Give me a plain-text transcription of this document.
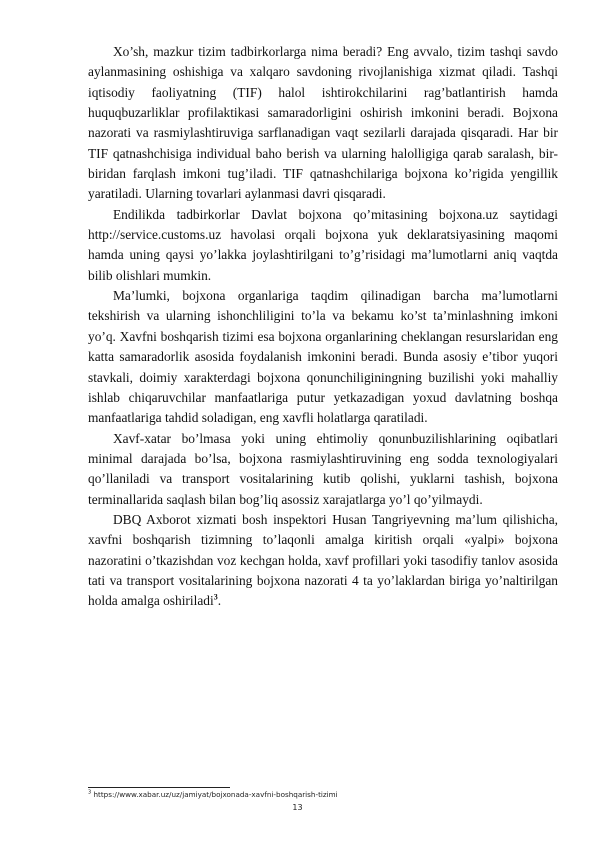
Xo’sh, mazkur tizim tadbirkorlarga nima beradi? Eng avvalo, tizim tashqi savdo aylanmasining oshishiga va xalqaro savdoning rivojlanishiga xizmat qiladi. Tashqi iqtisodiy faoliyatning (TIF) halol ishtirokchilarini rag’batlantirish hamda huquqbuzarliklar profilaktikasi samaradorligini oshirish imkonini beradi. Bojxona nazorati va rasmiylashtiruviga sarflanadigan vaqt sezilarli darajada qisqaradi. Har bir TIF qatnashchisiga individual baho berish va ularning halolligiga qarab saralash, bir-biridan farqlash imkoni tug’iladi. TIF qatnashchilariga bojxona ko’rigida yengillik yaratiladi. Ularning tovarlari aylanmasi davri qisqaradi.

Endilikda tadbirkorlar Davlat bojxona qo’mitasining bojxona.uz saytidagi http://service.customs.uz havolasi orqali bojxona yuk deklaratsiyasining maqomi hamda uning qaysi yo’lakka joylashtirilgani to’g’risidagi ma’lumotlarni aniq vaqtda bilib olishlari mumkin.

Ma’lumki, bojxona organlariga taqdim qilinadigan barcha ma’lumotlarni tekshirish va ularning ishonchliligini to’la va bekamu ko’st ta’minlashning imkoni yo’q. Xavfni boshqarish tizimi esa bojxona organlarining cheklangan resurslaridan eng katta samaradorlik asosida foydalanish imkonini beradi. Bunda asosiy e’tibor yuqori stavkali, doimiy xarakterdagi bojxona qonunchiliginingning buzilishi yoki mahalliy ishlab chiqaruvchilar manfaatlariga putur yetkazadigan yoxud davlatning boshqa manfaatlariga tahdid soladigan, eng xavfli holatlarga qaratiladi.

Xavf-xatar bo’lmasa yoki uning ehtimoliy qonunbuzilishlarining oqibatlari minimal darajada bo’lsa, bojxona rasmiylashtiruvining eng sodda texnologiyalari qo’llaniladi va transport vositalarining kutib qolishi, yuklarni tashish, bojxona terminallarida saqlash bilan bog’liq asossiz xarajatlarga yo’l qo’yilmaydi.

DBQ Axborot xizmati bosh inspektori Husan Tangriyevning ma’lum qilishicha, xavfni boshqarish tizimning to’laqonli amalga kiritish orqali «yalpi» bojxona nazoratini o’tkazishdan voz kechgan holda, xavf profillari yoki tasodifiy tanlov asosida tati va transport vositalarining bojxona nazorati 4 ta yo’laklardan biriga yo’naltirilgan holda amalga oshiriladi$^3$.

$^3$ https://www.xabar.uz/uz/jamiyat/bojxonada-xavfni-boshqarish-tizimi
13
